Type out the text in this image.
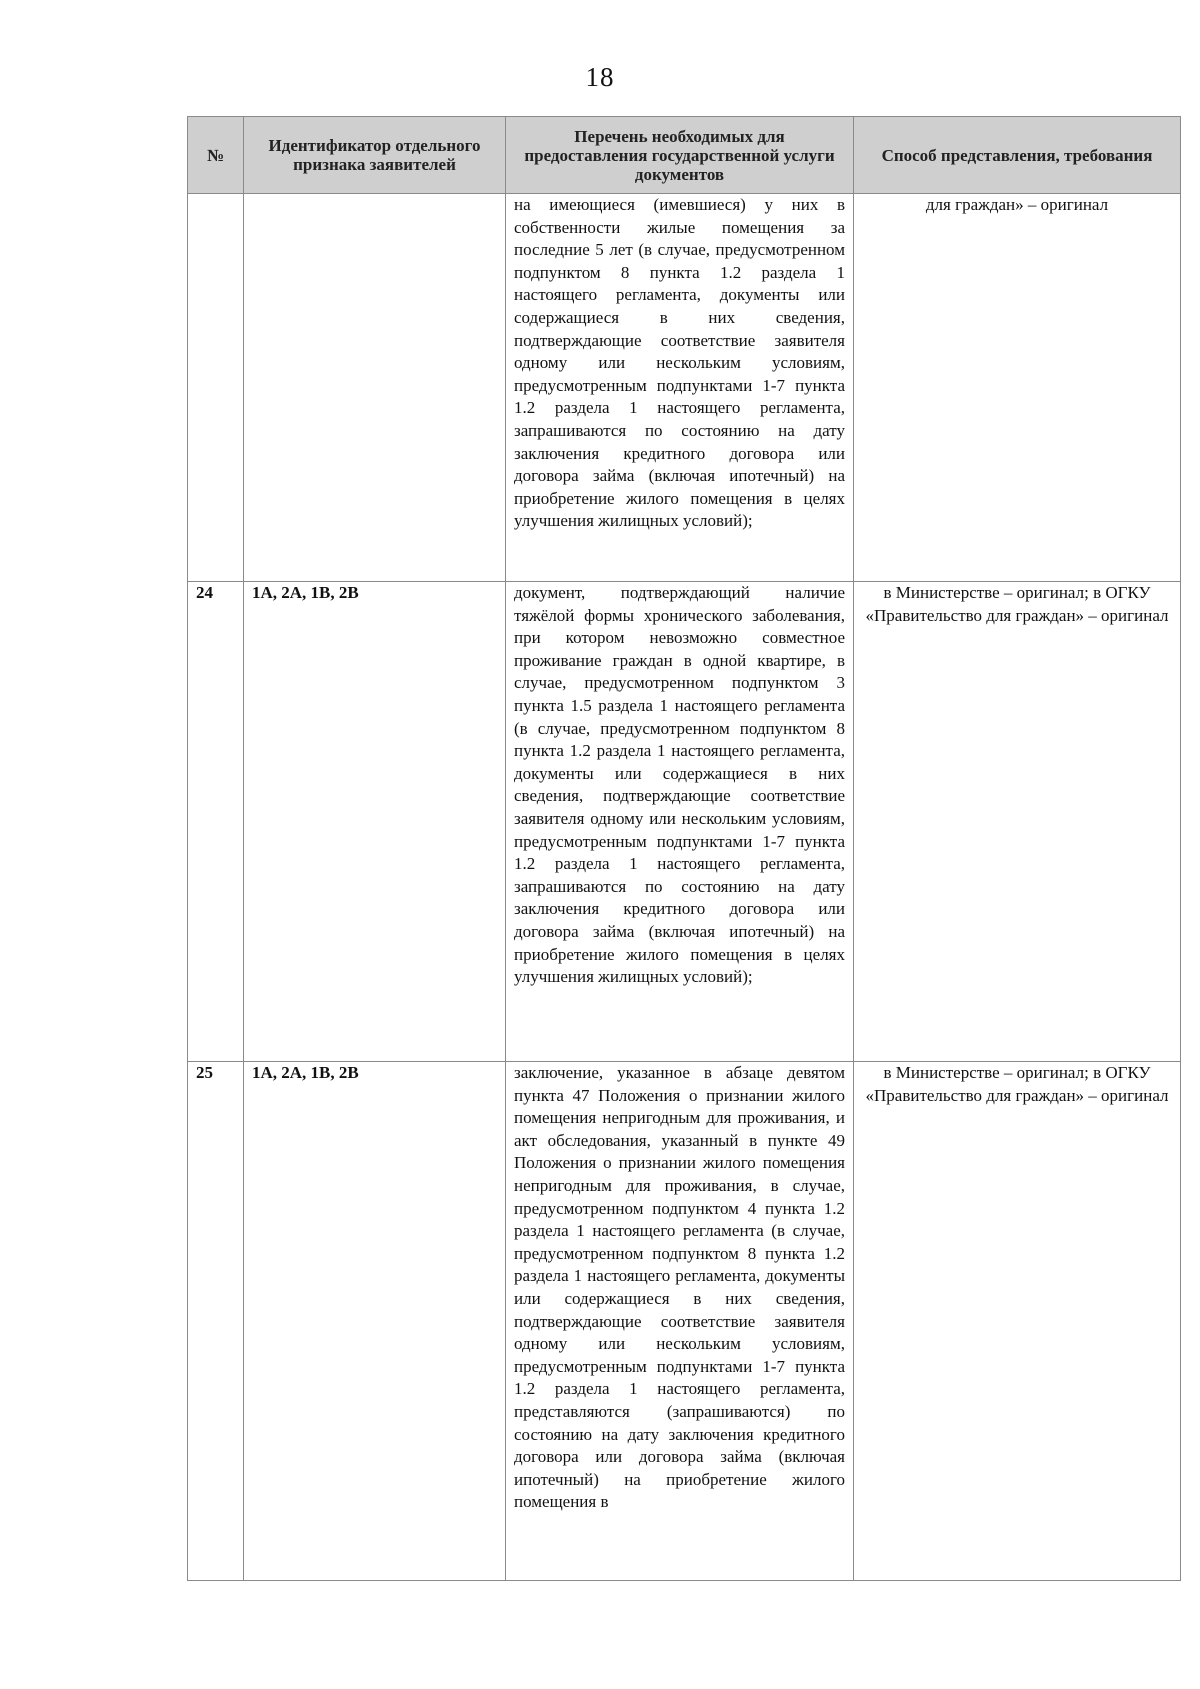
18
№	Идентификатор отдельного признака заявителей	Перечень необходимых для предоставления государственной услуги документов	Способ представления, требования
		на имеющиеся (имевшиеся) у них в собственности жилые помещения за последние 5 лет (в случае, предусмотренном подпунктом 8 пункта 1.2 раздела 1 настоящего регламента, документы или содержащиеся в них сведения, подтверждающие соответствие заявителя одному или нескольким условиям, предусмотренным подпунктами 1-7 пункта 1.2 раздела 1 настоящего регламента, запрашиваются по состоянию на дату заключения кредитного договора или договора займа (включая ипотечный) на приобретение жилого помещения в целях улучшения жилищных условий);	для граждан» – оригинал
24	1А, 2А, 1В, 2В	документ, подтверждающий наличие тяжёлой формы хронического заболевания, при котором невозможно совместное проживание граждан в одной квартире, в случае, предусмотренном подпунктом 3 пункта 1.5 раздела 1 настоящего регламента (в случае, предусмотренном подпунктом 8 пункта 1.2 раздела 1 настоящего регламента, документы или содержащиеся в них сведения, подтверждающие соответствие заявителя одному или нескольким условиям, предусмотренным подпунктами 1-7 пункта 1.2 раздела 1 настоящего регламента, запрашиваются по состоянию на дату заключения кредитного договора или договора займа (включая ипотечный) на приобретение жилого помещения в целях улучшения жилищных условий);	в Министерстве – оригинал; в ОГКУ «Правительство для граждан» – оригинал
25	1А, 2А, 1В, 2В	заключение, указанное в абзаце девятом пункта 47 Положения о признании жилого помещения непригодным для проживания, и акт обследования, указанный в пункте 49 Положения о признании жилого помещения непригодным для проживания, в случае, предусмотренном подпунктом 4 пункта 1.2 раздела 1 настоящего регламента (в случае, предусмотренном подпунктом 8 пункта 1.2 раздела 1 настоящего регламента, документы или содержащиеся в них сведения, подтверждающие соответствие заявителя одному или нескольким условиям, предусмотренным подпунктами 1-7 пункта 1.2 раздела 1 настоящего регламента, представляются (запрашиваются) по состоянию на дату заключения кредитного договора или договора займа (включая ипотечный) на приобретение жилого помещения в	в Министерстве – оригинал; в ОГКУ «Правительство для граждан» – оригинал
